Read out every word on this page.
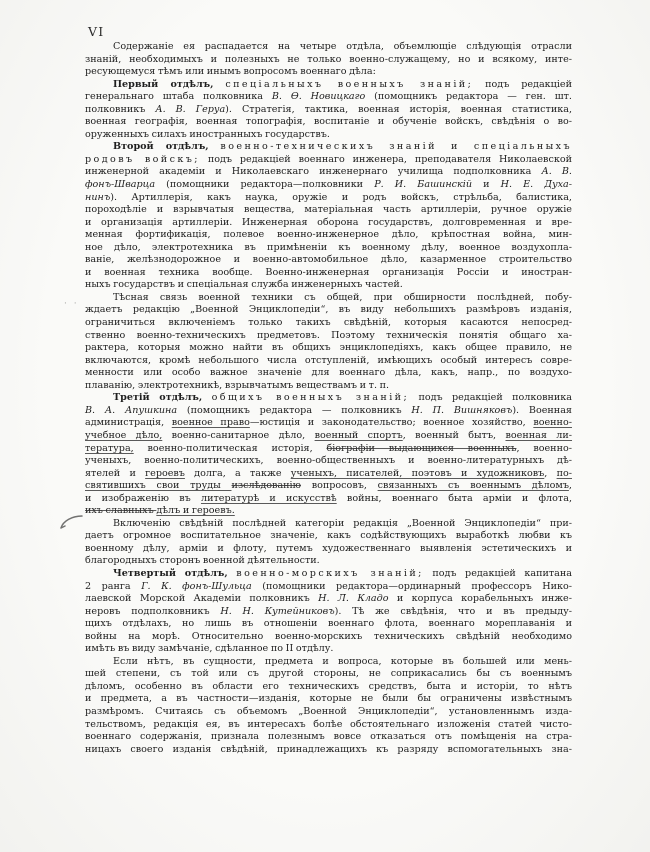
VI
· ·
Содержаніе ея распадается на четыре отдѣла, объемлющіе слѣдующія отрасли
знаній, необходимыхъ и полезныхъ не только военно-служащему, но и всякому, инте-
ресующемуся тѣмъ или инымъ вопросомъ военнаго дѣла:
Первый отдѣлъ, спеціальныхъ военныхъ знаній; подъ редакціей
генеральнаго штаба полковника В. Ѳ. Новицкаго (помощникъ редактора — ген. шт.
полковникъ А. В. Геруа). Стратегія, тактика, военная исторія, военная статистика,
военная географія, военная топографія, воспитаніе и обученіе войскъ, свѣдѣнія о во-
оруженныхъ силахъ иностранныхъ государствъ.
Второй отдѣлъ, военно-техническихъ знаній и спеціальныхъ
родовъ войскъ; подъ редакціей военнаго инженера, преподавателя Николаевской
инженерной академіи и Николаевскаго инженернаго училища подполковника А. В.
фонъ-Шварца (помощники редактора—полковники Р. И. Башинскій и Н. Е. Духа-
нинъ). Артиллерія, какъ наука, оружіе и родъ войскъ, стрѣльба, балистика,
пороходѣліе и взрывчатыя вещества, матеріальная часть артиллеріи, ручное оружіе
и организація артиллеріи. Инженерная оборона государствъ, долговременная и вре-
менная фортификація, полевое военно-инженерное дѣло, крѣпостная война, мин-
ное дѣло, электротехника въ примѣненіи къ военному дѣлу, военное воздухопла-
ваніе, желѣзнодорожное и военно-автомобильное дѣло, казарменное строительство
и военная техника вообще. Военно-инженерная организація Россіи и иностран-
ныхъ государствъ и спеціальная служба инженерныхъ частей.
Тѣсная связь военной техники съ общей, при обширности послѣдней, побу-
ждаетъ редакцію „Военной Энциклопедіи“, въ виду небольшихъ размѣровъ изданія,
ограничиться включеніемъ только такихъ свѣдѣній, которыя касаются непосред-
ственно военно-техническихъ предметовъ. Поэтому техническія понятія общаго ха-
рактера, которыя можно найти въ общихъ энциклопедіяхъ, какъ общее правило, не
включаются, кромѣ небольшого числа отступленій, имѣющихъ особый интересъ совре-
менности или особо важное значеніе для военнаго дѣла, какъ, напр., по воздухо-
плаванію, электротехникѣ, взрывчатымъ веществамъ и т. п.
Третій отдѣлъ, общихъ военныхъ знаній; подъ редакціей полковника
В. А. Апушкина (помощникъ редактора — полковникъ Н. П. Вишняковъ). Военная
администрація, военное право—юстиція и законодательство; военное хозяйство, военно-
учебное дѣло, военно-санитарное дѣло, военный спортъ, военный бытъ, военная ли-
тература, военно-политическая исторія, біографіи выдающихся военныхъ, военно-
ученыхъ, военно-политическихъ, военно-общественныхъ и военно-литературныхъ дѣ-
ятелей и героевъ долга, а также ученыхъ, писателей, поэтовъ и художниковъ, по-
святившихъ свои труды изслѣдованію вопросовъ, связанныхъ съ военнымъ дѣломъ,
и изображенію въ литературѣ и искусствѣ войны, военнаго быта арміи и флота,
ихъ славныхъ дѣлъ и героевъ.
Включенію свѣдѣній послѣдней категоріи редакція „Военной Энциклопедіи“ при-
даетъ огромное воспитательное значеніе, какъ содѣйствующихъ выработкѣ любви къ
военному дѣлу, арміи и флоту, путемъ художественнаго выявленія эстетическихъ и
благородныхъ сторонъ военной дѣятельности.
Четвертый отдѣлъ, военно-морскихъ знаній; подъ редакціей капитана
2 ранга Г. К. фонъ-Шульца (помощники редактора—ординарный профессоръ Нико-
лаевской Морской Академіи полковникъ Н. Л. Кладо и корпуса корабельныхъ инже-
неровъ подполковникъ Н. Н. Кутейниковъ). Тѣ же свѣдѣнія, что и въ предыду-
щихъ отдѣлахъ, но лишь въ отношеніи военнаго флота, военнаго мореплаванія и
войны на морѣ. Относительно военно-морскихъ техническихъ свѣдѣній необходимо
имѣть въ виду замѣчаніе, сдѣланное по II отдѣлу.
Если нѣтъ, въ сущности, предмета и вопроса, которые въ большей или мень-
шей степени, съ той или съ другой стороны, не соприкасались бы съ военнымъ
дѣломъ, особенно въ области его техническихъ средствъ, быта и исторіи, то нѣтъ
и предмета, а въ частности—изданія, которые не были бы ограничены извѣстнымъ
размѣромъ. Считаясь съ объемомъ „Военной Энциклопедіи“, установленнымъ изда-
тельствомъ, редакція ея, въ интересахъ болѣе обстоятельнаго изложенія статей чисто-
военнаго содержанія, признала полезнымъ вовсе отказаться отъ помѣщенія на стра-
ницахъ своего изданія свѣдѣній, принадлежащихъ къ разряду вспомогательныхъ зна-
